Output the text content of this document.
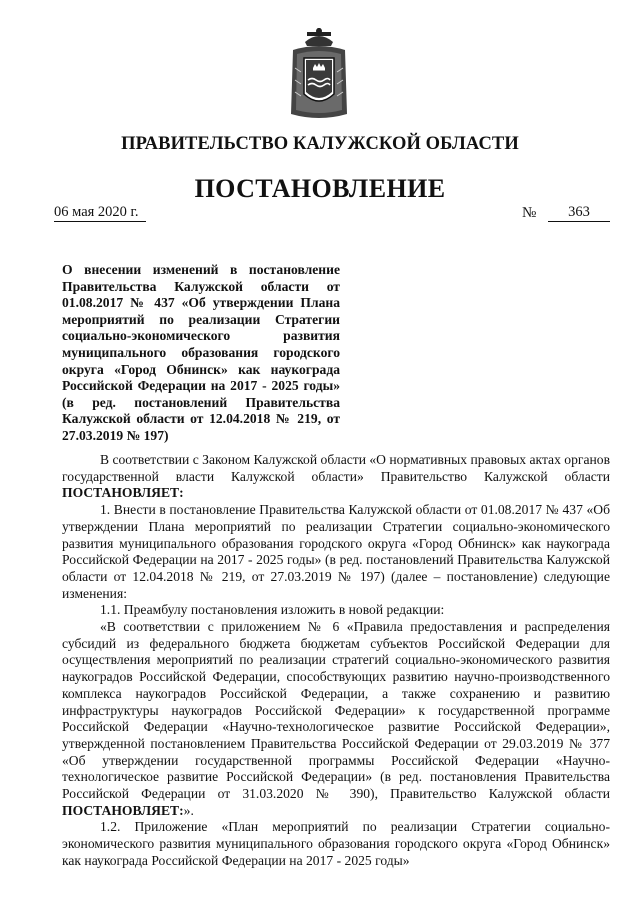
ПРАВИТЕЛЬСТВО КАЛУЖСКОЙ ОБЛАСТИ
ПОСТАНОВЛЕНИЕ
06 мая 2020 г.	№	363
О внесении изменений в постановление Правительства Калужской области от 01.08.2017 № 437 «Об утверждении Плана мероприятий по реализации Стратегии социально-экономического развития муниципального образования городского округа «Город Обнинск» как наукограда Российской Федерации на 2017 - 2025 годы» (в ред. постановлений Правительства Калужской области от 12.04.2018 № 219, от 27.03.2019 № 197)

В соответствии с Законом Калужской области «О нормативных правовых актах органов государственной власти Калужской области» Правительство Калужской области ПОСТАНОВЛЯЕТ:

1. Внести в постановление Правительства Калужской области от 01.08.2017 № 437 «Об утверждении Плана мероприятий по реализации Стратегии социально-экономического развития муниципального образования городского округа «Город Обнинск» как наукограда Российской Федерации на 2017 - 2025 годы» (в ред. постановлений Правительства Калужской области от 12.04.2018 № 219, от 27.03.2019 № 197) (далее – постановление) следующие изменения:

1.1. Преамбулу постановления изложить в новой редакции:

«В соответствии с приложением № 6 «Правила предоставления и распределения субсидий из федерального бюджета бюджетам субъектов Российской Федерации для осуществления мероприятий по реализации стратегий социально-экономического развития наукоградов Российской Федерации, способствующих развитию научно-производственного комплекса наукоградов Российской Федерации, а также сохранению и развитию инфраструктуры наукоградов Российской Федерации» к государственной программе Российской Федерации «Научно-технологическое развитие Российской Федерации», утвержденной постановлением Правительства Российской Федерации от 29.03.2019 № 377 «Об утверждении государственной программы Российской Федерации «Научно-технологическое развитие Российской Федерации» (в ред. постановления Правительства Российской Федерации от 31.03.2020 № 390), Правительство Калужской области ПОСТАНОВЛЯЕТ:».

1.2. Приложение «План мероприятий по реализации Стратегии социально-экономического развития муниципального образования городского округа «Город Обнинск» как наукограда Российской Федерации на 2017 - 2025 годы»
